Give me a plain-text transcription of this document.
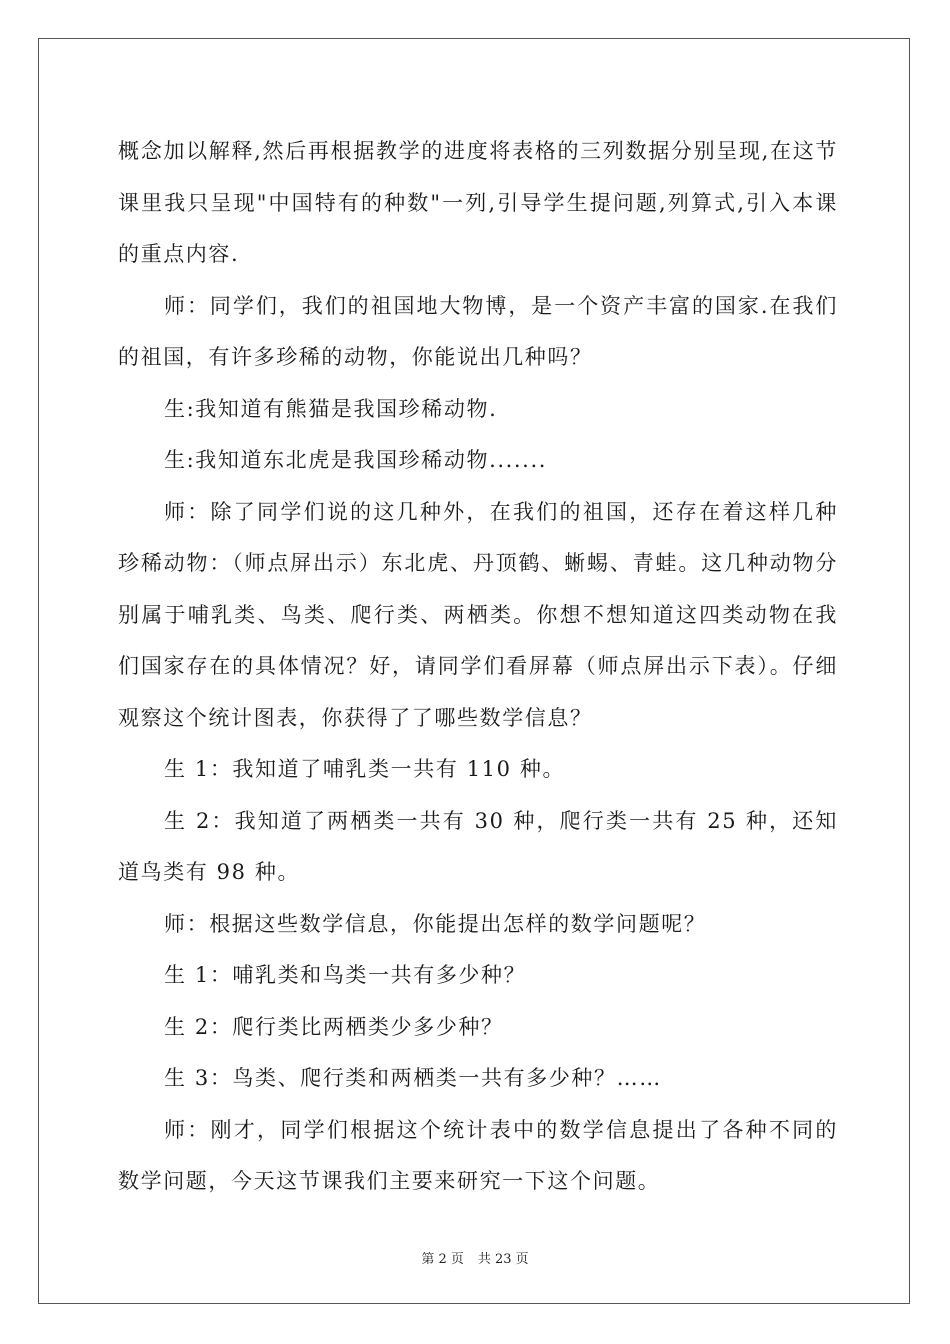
概念加以解释,然后再根据教学的进度将表格的三列数据分别呈现,在这节课里我只呈现"中国特有的种数"一列,引导学生提问题,列算式,引入本课的重点内容.

师：同学们，我们的祖国地大物博，是一个资产丰富的国家.在我们的祖国，有许多珍稀的动物，你能说出几种吗？

生:我知道有熊猫是我国珍稀动物.

生:我知道东北虎是我国珍稀动物.......

师：除了同学们说的这几种外，在我们的祖国，还存在着这样几种珍稀动物：（师点屏出示）东北虎、丹顶鹤、蜥蜴、青蛙。这几种动物分别属于哺乳类、鸟类、爬行类、两栖类。你想不想知道这四类动物在我们国家存在的具体情况？好，请同学们看屏幕（师点屏出示下表）。仔细观察这个统计图表，你获得了了哪些数学信息？

生 1：我知道了哺乳类一共有 110 种。

生 2：我知道了两栖类一共有 30 种，爬行类一共有 25 种，还知道鸟类有 98 种。

师：根据这些数学信息，你能提出怎样的数学问题呢？

生 1：哺乳类和鸟类一共有多少种？

生 2：爬行类比两栖类少多少种？

生 3：鸟类、爬行类和两栖类一共有多少种？……

师：刚才，同学们根据这个统计表中的数学信息提出了各种不同的数学问题，今天这节课我们主要来研究一下这个问题。

第 2 页 共 23 页
